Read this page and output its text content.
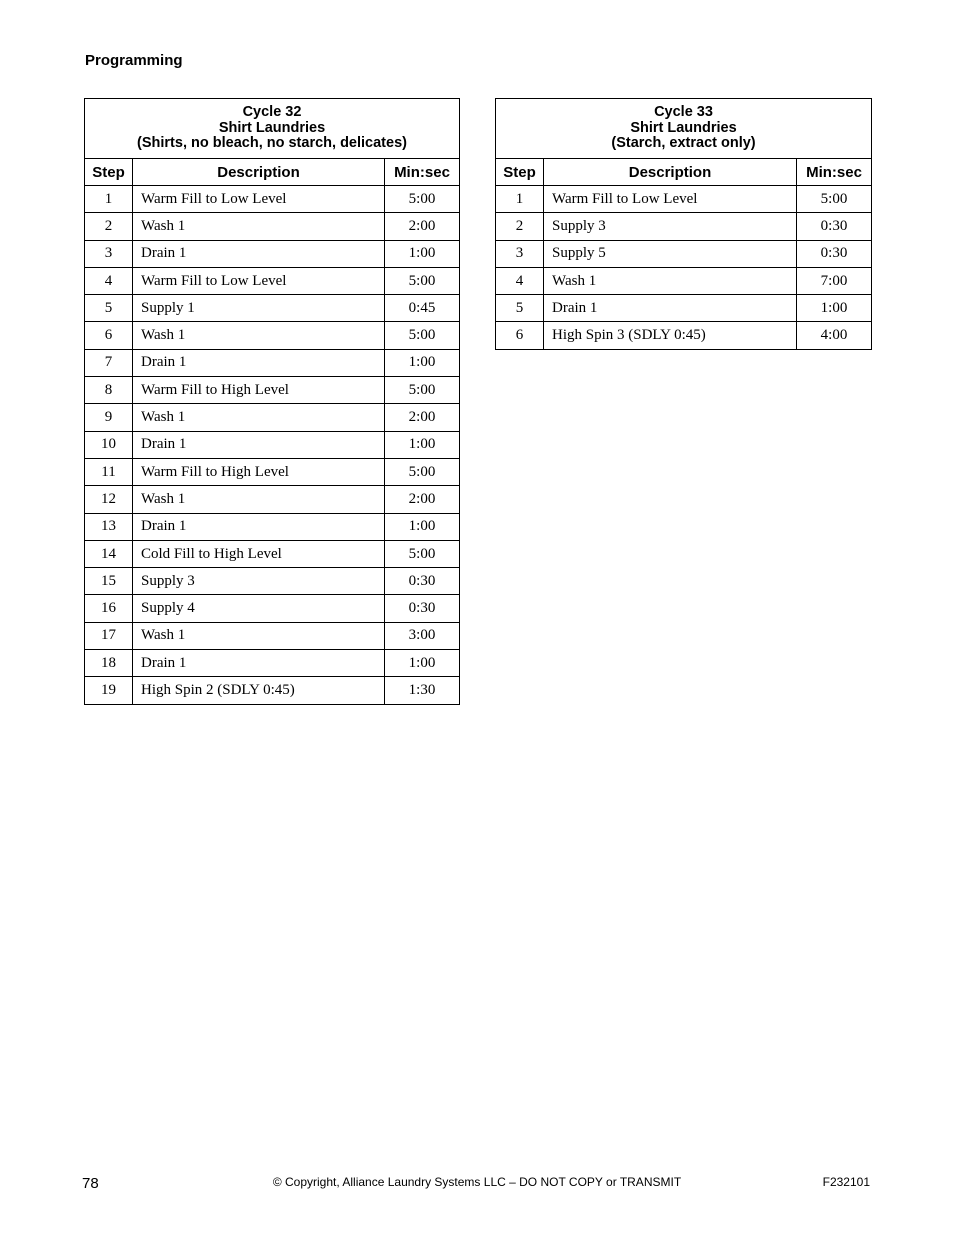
Programming
Cycle 32
Shirt Laundries
(Shirts, no bleach, no starch, delicates)		

Step	Description	Min:sec
1	Warm Fill to Low Level	5:00
2	Wash 1	2:00
3	Drain 1	1:00
4	Warm Fill to Low Level	5:00
5	Supply 1	0:45
6	Wash 1	5:00
7	Drain 1	1:00
8	Warm Fill to High Level	5:00
9	Wash 1	2:00
10	Drain 1	1:00
11	Warm Fill to High Level	5:00
12	Wash 1	2:00
13	Drain 1	1:00
14	Cold Fill to High Level	5:00
15	Supply 3	0:30
16	Supply 4	0:30
17	Wash 1	3:00
18	Drain 1	1:00
19	High Spin 2 (SDLY 0:45)	1:30
Cycle 33
Shirt Laundries
(Starch, extract only)		

Step	Description	Min:sec
1	Warm Fill to Low Level	5:00
2	Supply 3	0:30
3	Supply 5	0:30
4	Wash 1	7:00
5	Drain 1	1:00
6	High Spin 3 (SDLY 0:45)	4:00
78	© Copyright, Alliance Laundry Systems LLC – DO NOT COPY or TRANSMIT	F232101
